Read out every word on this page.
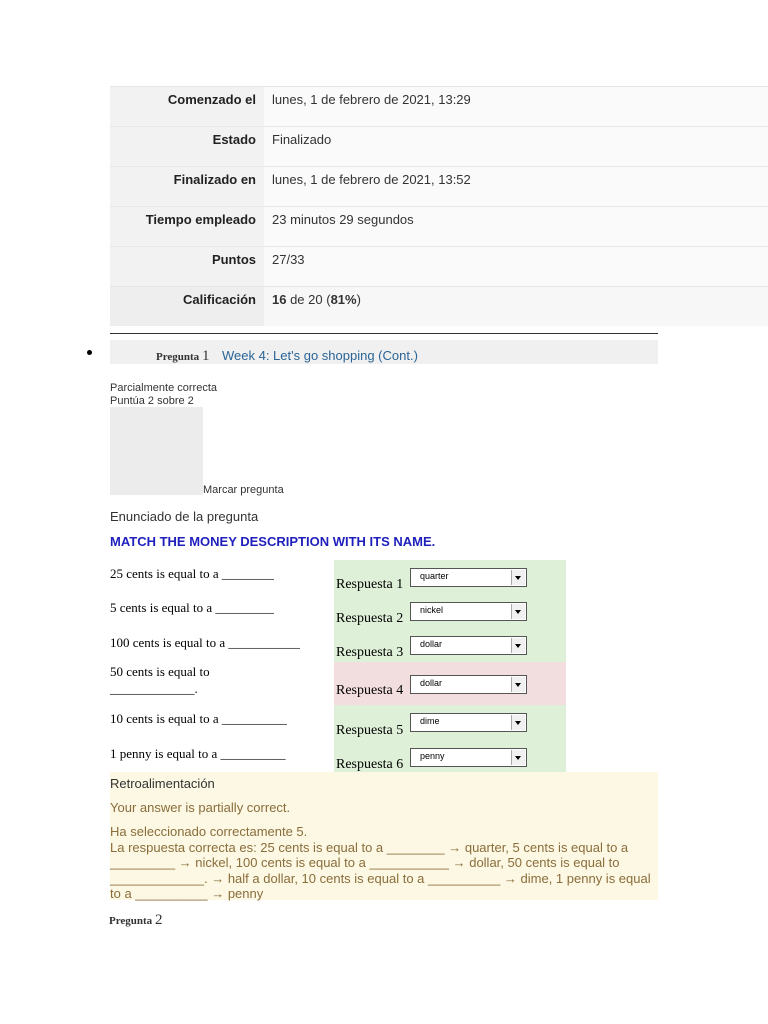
Comenzado el lunes, 1 de febrero de 2021, 13:29
Estado Finalizado
Finalizado en lunes, 1 de febrero de 2021, 13:52
Tiempo empleado 23 minutos 29 segundos
Puntos 27/33
Calificación 16 de 20 (81%)
Pregunta 1 Week 4: Let's go shopping (Cont.)
Parcialmente correcta
Puntúa 2 sobre 2
Marcar pregunta
Enunciado de la pregunta
MATCH THE MONEY DESCRIPTION WITH ITS NAME.
25 cents is equal to a ________
5 cents is equal to a _________
100 cents is equal to a ___________
50 cents is equal to
_____________.
10 cents is equal to a __________
1 penny is equal to a __________
Respuesta 1
quarter
Respuesta 2
nickel
Respuesta 3
dollar
Respuesta 4 dollar
Respuesta 5
dime
Respuesta 6
penny
Retroalimentación
Your answer is partially correct.
Ha seleccionado correctamente 5.
La respuesta correcta es: 25 cents is equal to a ________ → quarter, 5 cents is equal to a _________ → nickel, 100 cents is equal to a ___________ → dollar, 50 cents is equal to _____________. → half a dollar, 10 cents is equal to a __________ → dime, 1 penny is equal to a __________ → penny
Pregunta 2
